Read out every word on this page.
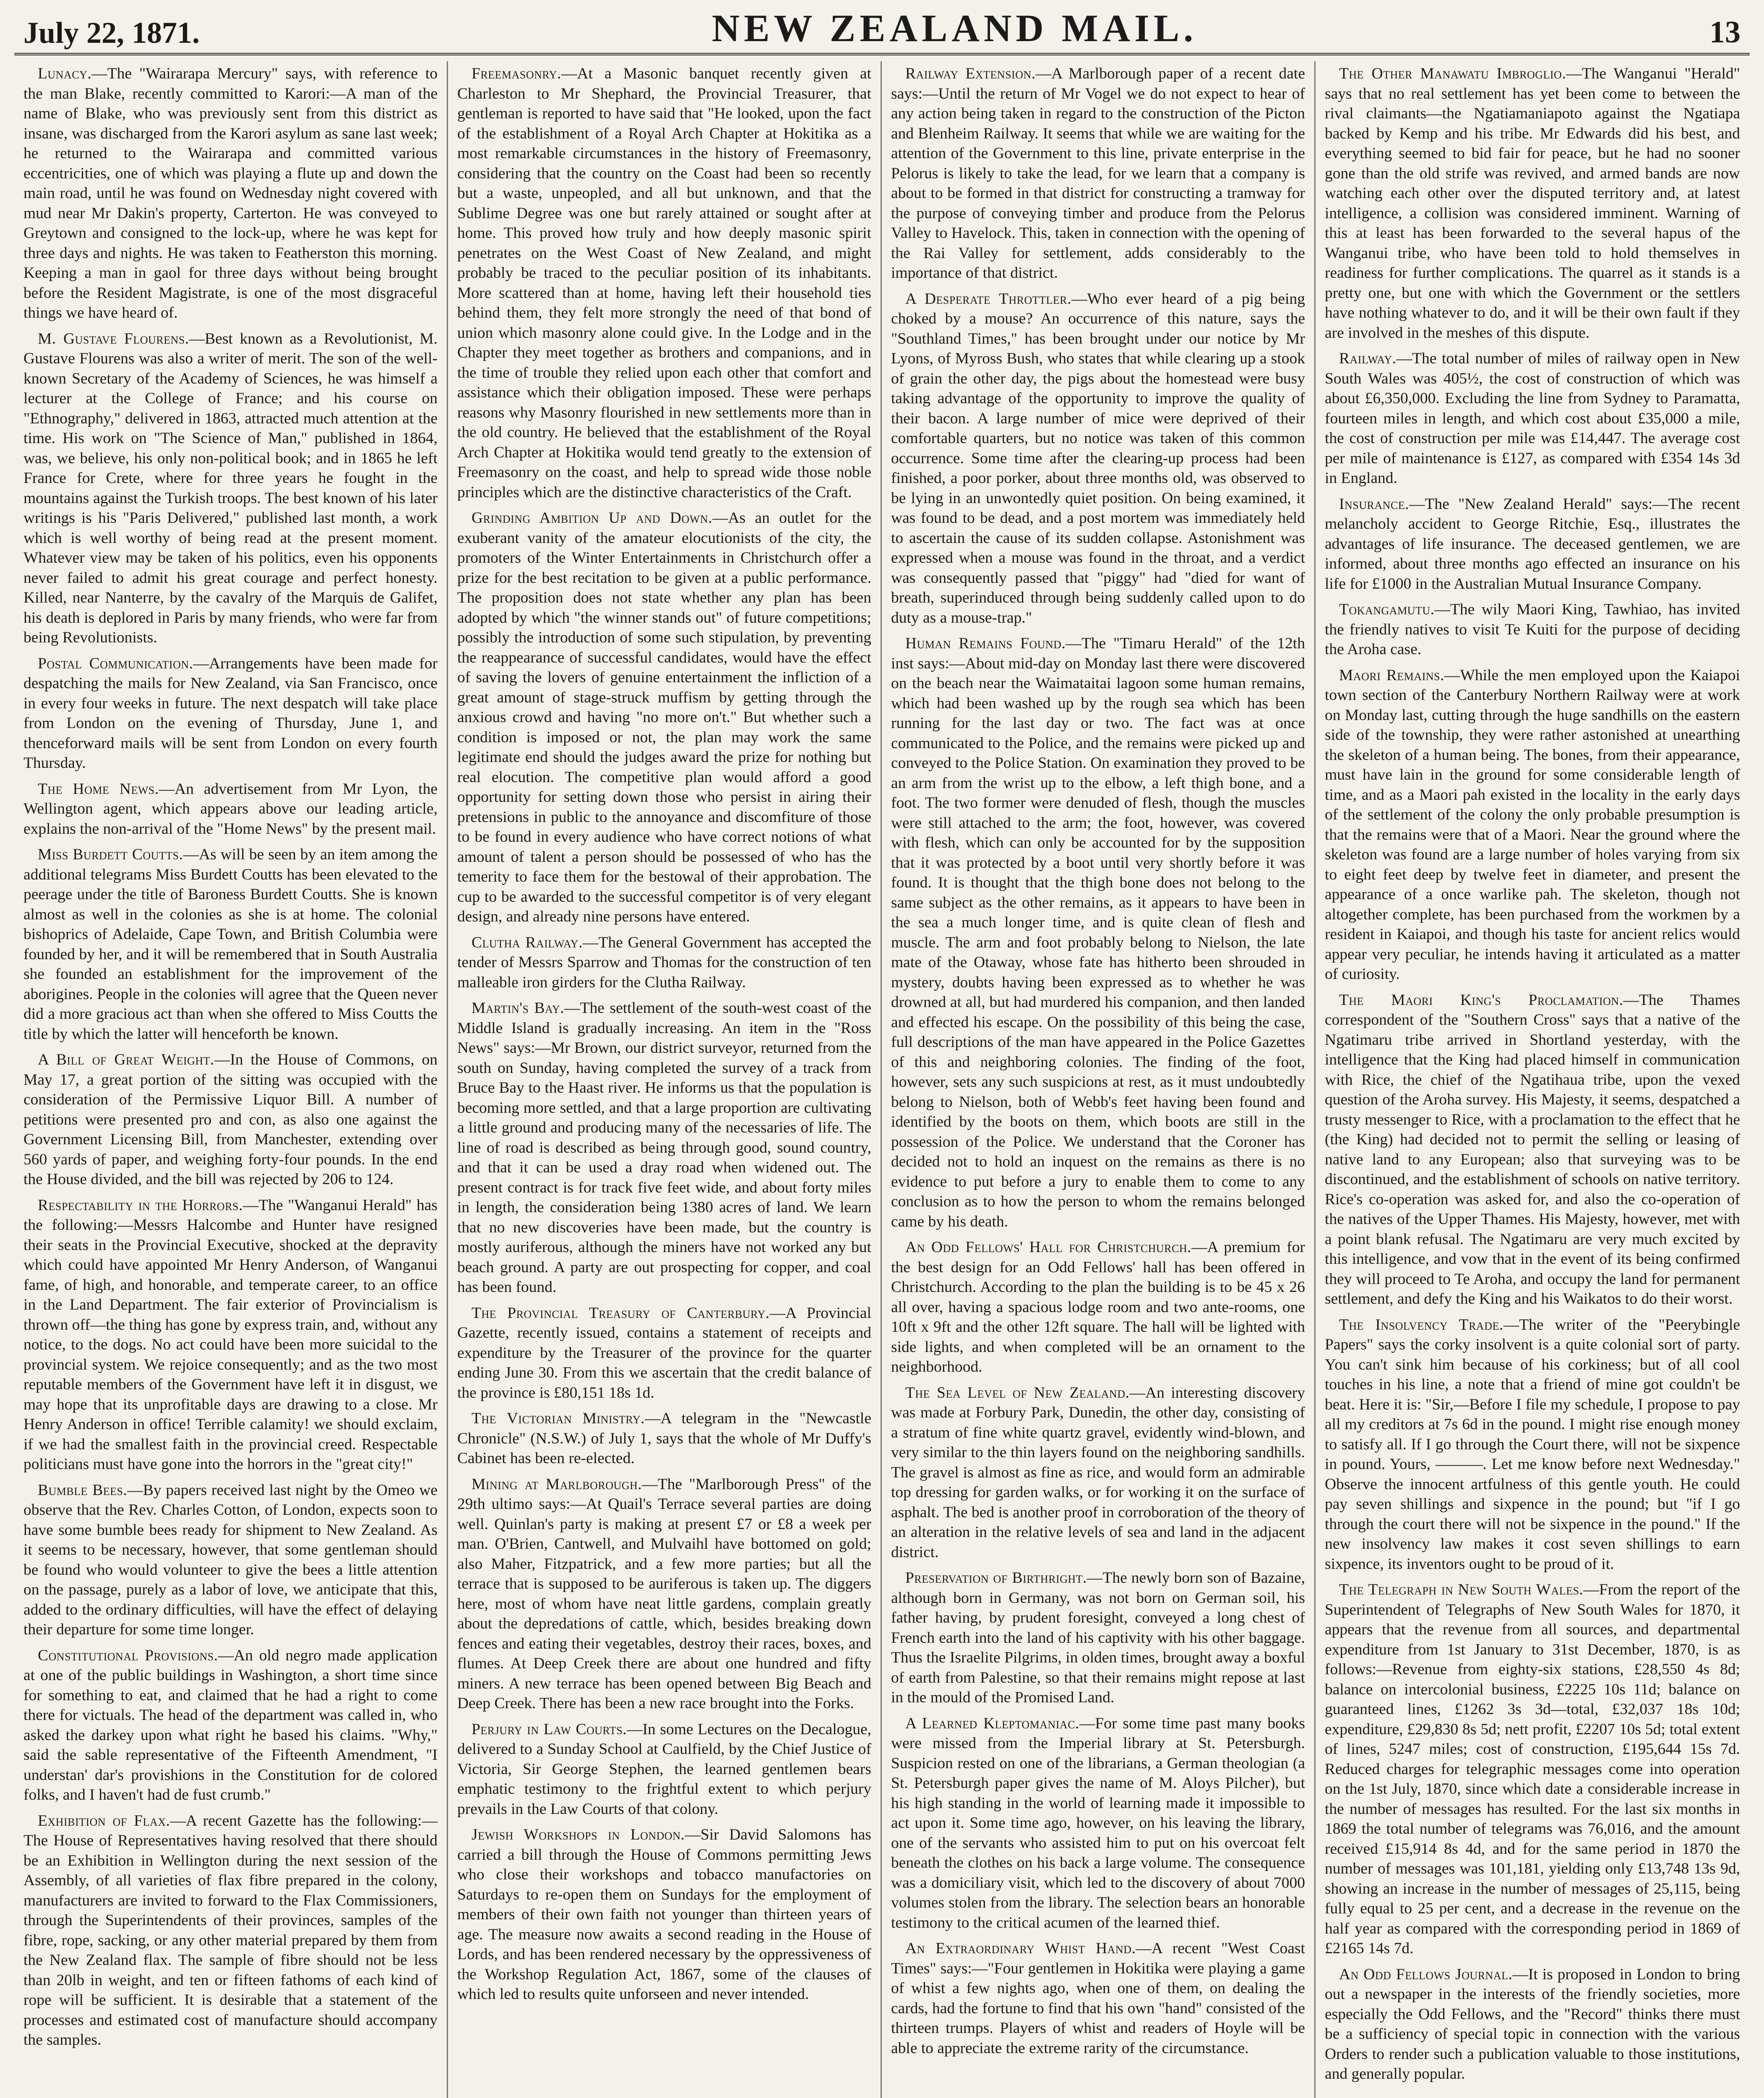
July 22, 1871.	NEW ZEALAND MAIL.	13

Lunacy.—The "Wairarapa Mercury" says, with reference to the man Blake, recently committed to Karori:—A man of the name of Blake, who was previously sent from this district as insane, was discharged from the Karori asylum as sane last week; he returned to the Wairarapa and committed various eccentricities, one of which was playing a flute up and down the main road, until he was found on Wednesday night covered with mud near Mr Dakin's property, Carterton. He was conveyed to Greytown and consigned to the lock-up, where he was kept for three days and nights. He was taken to Featherston this morning. Keeping a man in gaol for three days without being brought before the Resident Magistrate, is one of the most disgraceful things we have heard of.

M. Gustave Flourens.—Best known as a Revolutionist, M. Gustave Flourens was also a writer of merit. The son of the well-known Secretary of the Academy of Sciences, he was himself a lecturer at the College of France; and his course on "Ethnography," delivered in 1863, attracted much attention at the time. His work on "The Science of Man," published in 1864, was, we believe, his only non-political book; and in 1865 he left France for Crete, where for three years he fought in the mountains against the Turkish troops. The best known of his later writings is his "Paris Delivered," published last month, a work which is well worthy of being read at the present moment. Whatever view may be taken of his politics, even his opponents never failed to admit his great courage and perfect honesty. Killed, near Nanterre, by the cavalry of the Marquis de Galifet, his death is deplored in Paris by many friends, who were far from being Revolutionists.

Postal Communication.—Arrangements have been made for despatching the mails for New Zealand, via San Francisco, once in every four weeks in future. The next despatch will take place from London on the evening of Thursday, June 1, and thenceforward mails will be sent from London on every fourth Thursday.

The Home News.—An advertisement from Mr Lyon, the Wellington agent, which appears above our leading article, explains the non-arrival of the "Home News" by the present mail.

Miss Burdett Coutts.—As will be seen by an item among the additional telegrams Miss Burdett Coutts has been elevated to the peerage under the title of Baroness Burdett Coutts. She is known almost as well in the colonies as she is at home. The colonial bishoprics of Adelaide, Cape Town, and British Columbia were founded by her, and it will be remembered that in South Australia she founded an establishment for the improvement of the aborigines. People in the colonies will agree that the Queen never did a more gracious act than when she offered to Miss Coutts the title by which the latter will henceforth be known.

A Bill of Great Weight.—In the House of Commons, on May 17, a great portion of the sitting was occupied with the consideration of the Permissive Liquor Bill. A number of petitions were presented pro and con, as also one against the Government Licensing Bill, from Manchester, extending over 560 yards of paper, and weighing forty-four pounds. In the end the House divided, and the bill was rejected by 206 to 124.

Respectability in the Horrors.—The "Wanganui Herald" has the following:—Messrs Halcombe and Hunter have resigned their seats in the Provincial Executive, shocked at the depravity which could have appointed Mr Henry Anderson, of Wanganui fame, of high, and honorable, and temperate career, to an office in the Land Department. The fair exterior of Provincialism is thrown off—the thing has gone by express train, and, without any notice, to the dogs. No act could have been more suicidal to the provincial system. We rejoice consequently; and as the two most reputable members of the Government have left it in disgust, we may hope that its unprofitable days are drawing to a close. Mr Henry Anderson in office! Terrible calamity! we should exclaim, if we had the smallest faith in the provincial creed. Respectable politicians must have gone into the horrors in the "great city!"

Bumble Bees.—By papers received last night by the Omeo we observe that the Rev. Charles Cotton, of London, expects soon to have some bumble bees ready for shipment to New Zealand. As it seems to be necessary, however, that some gentleman should be found who would volunteer to give the bees a little attention on the passage, purely as a labor of love, we anticipate that this, added to the ordinary difficulties, will have the effect of delaying their departure for some time longer.

Constitutional Provisions.—An old negro made application at one of the public buildings in Washington, a short time since for something to eat, and claimed that he had a right to come there for victuals. The head of the department was called in, who asked the darkey upon what right he based his claims. "Why," said the sable representative of the Fifteenth Amendment, "I understan' dar's provishions in the Constitution for de colored folks, and I haven't had de fust crumb."

Exhibition of Flax.—A recent Gazette has the following:—The House of Representatives having resolved that there should be an Exhibition in Wellington during the next session of the Assembly, of all varieties of flax fibre prepared in the colony, manufacturers are invited to forward to the Flax Commissioners, through the Superintendents of their provinces, samples of the fibre, rope, sacking, or any other material prepared by them from the New Zealand flax. The sample of fibre should not be less than 20lb in weight, and ten or fifteen fathoms of each kind of rope will be sufficient. It is desirable that a statement of the processes and estimated cost of manufacture should accompany the samples.

Freemasonry.—At a Masonic banquet recently given at Charleston to Mr Shephard, the Provincial Treasurer, that gentleman is reported to have said that "He looked, upon the fact of the establishment of a Royal Arch Chapter at Hokitika as a most remarkable circumstances in the history of Freemasonry, considering that the country on the Coast had been so recently but a waste, unpeopled, and all but unknown, and that the Sublime Degree was one but rarely attained or sought after at home. This proved how truly and how deeply masonic spirit penetrates on the West Coast of New Zealand, and might probably be traced to the peculiar position of its inhabitants. More scattered than at home, having left their household ties behind them, they felt more strongly the need of that bond of union which masonry alone could give. In the Lodge and in the Chapter they meet together as brothers and companions, and in the time of trouble they relied upon each other that comfort and assistance which their obligation imposed. These were perhaps reasons why Masonry flourished in new settlements more than in the old country. He believed that the establishment of the Royal Arch Chapter at Hokitika would tend greatly to the extension of Freemasonry on the coast, and help to spread wide those noble principles which are the distinctive characteristics of the Craft.

Grinding Ambition Up and Down.—As an outlet for the exuberant vanity of the amateur elocutionists of the city, the promoters of the Winter Entertainments in Christchurch offer a prize for the best recitation to be given at a public performance. The proposition does not state whether any plan has been adopted by which "the winner stands out" of future competitions; possibly the introduction of some such stipulation, by preventing the reappearance of successful candidates, would have the effect of saving the lovers of genuine entertainment the infliction of a great amount of stage-struck muffism by getting through the anxious crowd and having "no more on't." But whether such a condition is imposed or not, the plan may work the same legitimate end should the judges award the prize for nothing but real elocution. The competitive plan would afford a good opportunity for setting down those who persist in airing their pretensions in public to the annoyance and discomfiture of those to be found in every audience who have correct notions of what amount of talent a person should be possessed of who has the temerity to face them for the bestowal of their approbation. The cup to be awarded to the successful competitor is of very elegant design, and already nine persons have entered.

Clutha Railway.—The General Government has accepted the tender of Messrs Sparrow and Thomas for the construction of ten malleable iron girders for the Clutha Railway.

Martin's Bay.—The settlement of the south-west coast of the Middle Island is gradually increasing. An item in the "Ross News" says:—Mr Brown, our district surveyor, returned from the south on Sunday, having completed the survey of a track from Bruce Bay to the Haast river. He informs us that the population is becoming more settled, and that a large proportion are cultivating a little ground and producing many of the necessaries of life. The line of road is described as being through good, sound country, and that it can be used a dray road when widened out. The present contract is for track five feet wide, and about forty miles in length, the consideration being 1380 acres of land. We learn that no new discoveries have been made, but the country is mostly auriferous, although the miners have not worked any but beach ground. A party are out prospecting for copper, and coal has been found.

The Provincial Treasury of Canterbury.—A Provincial Gazette, recently issued, contains a statement of receipts and expenditure by the Treasurer of the province for the quarter ending June 30. From this we ascertain that the credit balance of the province is £80,151 18s 1d.

The Victorian Ministry.—A telegram in the "Newcastle Chronicle" (N.S.W.) of July 1, says that the whole of Mr Duffy's Cabinet has been re-elected.

Mining at Marlborough.—The "Marlborough Press" of the 29th ultimo says:—At Quail's Terrace several parties are doing well. Quinlan's party is making at present £7 or £8 a week per man. O'Brien, Cantwell, and Mulvaihl have bottomed on gold; also Maher, Fitzpatrick, and a few more parties; but all the terrace that is supposed to be auriferous is taken up. The diggers here, most of whom have neat little gardens, complain greatly about the depredations of cattle, which, besides breaking down fences and eating their vegetables, destroy their races, boxes, and flumes. At Deep Creek there are about one hundred and fifty miners. A new terrace has been opened between Big Beach and Deep Creek. There has been a new race brought into the Forks.

Perjury in Law Courts.—In some Lectures on the Decalogue, delivered to a Sunday School at Caulfield, by the Chief Justice of Victoria, Sir George Stephen, the learned gentlemen bears emphatic testimony to the frightful extent to which perjury prevails in the Law Courts of that colony.

Jewish Workshops in London.—Sir David Salomons has carried a bill through the House of Commons permitting Jews who close their workshops and tobacco manufactories on Saturdays to re-open them on Sundays for the employment of members of their own faith not younger than thirteen years of age. The measure now awaits a second reading in the House of Lords, and has been rendered necessary by the oppressiveness of the Workshop Regulation Act, 1867, some of the clauses of which led to results quite unforseen and never intended.

Railway Extension.—A Marlborough paper of a recent date says:—Until the return of Mr Vogel we do not expect to hear of any action being taken in regard to the construction of the Picton and Blenheim Railway. It seems that while we are waiting for the attention of the Government to this line, private enterprise in the Pelorus is likely to take the lead, for we learn that a company is about to be formed in that district for constructing a tramway for the purpose of conveying timber and produce from the Pelorus Valley to Havelock. This, taken in connection with the opening of the Rai Valley for settlement, adds considerably to the importance of that district.

A Desperate Throttler.—Who ever heard of a pig being choked by a mouse? An occurrence of this nature, says the "Southland Times," has been brought under our notice by Mr Lyons, of Myross Bush, who states that while clearing up a stook of grain the other day, the pigs about the homestead were busy taking advantage of the opportunity to improve the quality of their bacon. A large number of mice were deprived of their comfortable quarters, but no notice was taken of this common occurrence. Some time after the clearing-up process had been finished, a poor porker, about three months old, was observed to be lying in an unwontedly quiet position. On being examined, it was found to be dead, and a post mortem was immediately held to ascertain the cause of its sudden collapse. Astonishment was expressed when a mouse was found in the throat, and a verdict was consequently passed that "piggy" had "died for want of breath, superinduced through being suddenly called upon to do duty as a mouse-trap."

Human Remains Found.—The "Timaru Herald" of the 12th inst says:—About mid-day on Monday last there were discovered on the beach near the Waimataitai lagoon some human remains, which had been washed up by the rough sea which has been running for the last day or two. The fact was at once communicated to the Police, and the remains were picked up and conveyed to the Police Station. On examination they proved to be an arm from the wrist up to the elbow, a left thigh bone, and a foot. The two former were denuded of flesh, though the muscles were still attached to the arm; the foot, however, was covered with flesh, which can only be accounted for by the supposition that it was protected by a boot until very shortly before it was found. It is thought that the thigh bone does not belong to the same subject as the other remains, as it appears to have been in the sea a much longer time, and is quite clean of flesh and muscle. The arm and foot probably belong to Nielson, the late mate of the Otaway, whose fate has hitherto been shrouded in mystery, doubts having been expressed as to whether he was drowned at all, but had murdered his companion, and then landed and effected his escape. On the possibility of this being the case, full descriptions of the man have appeared in the Police Gazettes of this and neighboring colonies. The finding of the foot, however, sets any such suspicions at rest, as it must undoubtedly belong to Nielson, both of Webb's feet having been found and identified by the boots on them, which boots are still in the possession of the Police. We understand that the Coroner has decided not to hold an inquest on the remains as there is no evidence to put before a jury to enable them to come to any conclusion as to how the person to whom the remains belonged came by his death.

An Odd Fellows' Hall for Christchurch.—A premium for the best design for an Odd Fellows' hall has been offered in Christchurch. According to the plan the building is to be 45 x 26 all over, having a spacious lodge room and two ante-rooms, one 10ft x 9ft and the other 12ft square. The hall will be lighted with side lights, and when completed will be an ornament to the neighborhood.

The Sea Level of New Zealand.—An interesting discovery was made at Forbury Park, Dunedin, the other day, consisting of a stratum of fine white quartz gravel, evidently wind-blown, and very similar to the thin layers found on the neighboring sandhills. The gravel is almost as fine as rice, and would form an admirable top dressing for garden walks, or for working it on the surface of asphalt. The bed is another proof in corroboration of the theory of an alteration in the relative levels of sea and land in the adjacent district.

Preservation of Birthright.—The newly born son of Bazaine, although born in Germany, was not born on German soil, his father having, by prudent foresight, conveyed a long chest of French earth into the land of his captivity with his other baggage. Thus the Israelite Pilgrims, in olden times, brought away a boxful of earth from Palestine, so that their remains might repose at last in the mould of the Promised Land.

A Learned Kleptomaniac.—For some time past many books were missed from the Imperial library at St. Petersburgh. Suspicion rested on one of the librarians, a German theologian (a St. Petersburgh paper gives the name of M. Aloys Pilcher), but his high standing in the world of learning made it impossible to act upon it. Some time ago, however, on his leaving the library, one of the servants who assisted him to put on his overcoat felt beneath the clothes on his back a large volume. The consequence was a domiciliary visit, which led to the discovery of about 7000 volumes stolen from the library. The selection bears an honorable testimony to the critical acumen of the learned thief.

An Extraordinary Whist Hand.—A recent "West Coast Times" says:—"Four gentlemen in Hokitika were playing a game of whist a few nights ago, when one of them, on dealing the cards, had the fortune to find that his own "hand" consisted of the thirteen trumps. Players of whist and readers of Hoyle will be able to appreciate the extreme rarity of the circumstance.

The Other Manawatu Imbroglio.—The Wanganui "Herald" says that no real settlement has yet been come to between the rival claimants—the Ngatiamaniapoto against the Ngatiapa backed by Kemp and his tribe. Mr Edwards did his best, and everything seemed to bid fair for peace, but he had no sooner gone than the old strife was revived, and armed bands are now watching each other over the disputed territory and, at latest intelligence, a collision was considered imminent. Warning of this at least has been forwarded to the several hapus of the Wanganui tribe, who have been told to hold themselves in readiness for further complications. The quarrel as it stands is a pretty one, but one with which the Government or the settlers have nothing whatever to do, and it will be their own fault if they are involved in the meshes of this dispute.

Railway.—The total number of miles of railway open in New South Wales was 405½, the cost of construction of which was about £6,350,000. Excluding the line from Sydney to Paramatta, fourteen miles in length, and which cost about £35,000 a mile, the cost of construction per mile was £14,447. The average cost per mile of maintenance is £127, as compared with £354 14s 3d in England.

Insurance.—The "New Zealand Herald" says:—The recent melancholy accident to George Ritchie, Esq., illustrates the advantages of life insurance. The deceased gentlemen, we are informed, about three months ago effected an insurance on his life for £1000 in the Australian Mutual Insurance Company.

Tokangamutu.—The wily Maori King, Tawhiao, has invited the friendly natives to visit Te Kuiti for the purpose of deciding the Aroha case.

Maori Remains.—While the men employed upon the Kaiapoi town section of the Canterbury Northern Railway were at work on Monday last, cutting through the huge sandhills on the eastern side of the township, they were rather astonished at unearthing the skeleton of a human being. The bones, from their appearance, must have lain in the ground for some considerable length of time, and as a Maori pah existed in the locality in the early days of the settlement of the colony the only probable presumption is that the remains were that of a Maori. Near the ground where the skeleton was found are a large number of holes varying from six to eight feet deep by twelve feet in diameter, and present the appearance of a once warlike pah. The skeleton, though not altogether complete, has been purchased from the workmen by a resident in Kaiapoi, and though his taste for ancient relics would appear very peculiar, he intends having it articulated as a matter of curiosity.

The Maori King's Proclamation.—The Thames correspondent of the "Southern Cross" says that a native of the Ngatimaru tribe arrived in Shortland yesterday, with the intelligence that the King had placed himself in communication with Rice, the chief of the Ngatihaua tribe, upon the vexed question of the Aroha survey. His Majesty, it seems, despatched a trusty messenger to Rice, with a proclamation to the effect that he (the King) had decided not to permit the selling or leasing of native land to any European; also that surveying was to be discontinued, and the establishment of schools on native territory. Rice's co-operation was asked for, and also the co-operation of the natives of the Upper Thames. His Majesty, however, met with a point blank refusal. The Ngatimaru are very much excited by this intelligence, and vow that in the event of its being confirmed they will proceed to Te Aroha, and occupy the land for permanent settlement, and defy the King and his Waikatos to do their worst.

The Insolvency Trade.—The writer of the "Peerybingle Papers" says the corky insolvent is a quite colonial sort of party. You can't sink him because of his corkiness; but of all cool touches in his line, a note that a friend of mine got couldn't be beat. Here it is: "Sir,—Before I file my schedule, I propose to pay all my creditors at 7s 6d in the pound. I might rise enough money to satisfy all. If I go through the Court there, will not be sixpence in pound. Yours, ———. Let me know before next Wednesday." Observe the innocent artfulness of this gentle youth. He could pay seven shillings and sixpence in the pound; but "if I go through the court there will not be sixpence in the pound." If the new insolvency law makes it cost seven shillings to earn sixpence, its inventors ought to be proud of it.

The Telegraph in New South Wales.—From the report of the Superintendent of Telegraphs of New South Wales for 1870, it appears that the revenue from all sources, and departmental expenditure from 1st January to 31st December, 1870, is as follows:—Revenue from eighty-six stations, £28,550 4s 8d; balance on intercolonial business, £2225 10s 11d; balance on guaranteed lines, £1262 3s 3d—total, £32,037 18s 10d; expenditure, £29,830 8s 5d; nett profit, £2207 10s 5d; total extent of lines, 5247 miles; cost of construction, £195,644 15s 7d. Reduced charges for telegraphic messages come into operation on the 1st July, 1870, since which date a considerable increase in the number of messages has resulted. For the last six months in 1869 the total number of telegrams was 76,016, and the amount received £15,914 8s 4d, and for the same period in 1870 the number of messages was 101,181, yielding only £13,748 13s 9d, showing an increase in the number of messages of 25,115, being fully equal to 25 per cent, and a decrease in the revenue on the half year as compared with the corresponding period in 1869 of £2165 14s 7d.

An Odd Fellows Journal.—It is proposed in London to bring out a newspaper in the interests of the friendly societies, more especially the Odd Fellows, and the "Record" thinks there must be a sufficiency of special topic in connection with the various Orders to render such a publication valuable to those institutions, and generally popular.
